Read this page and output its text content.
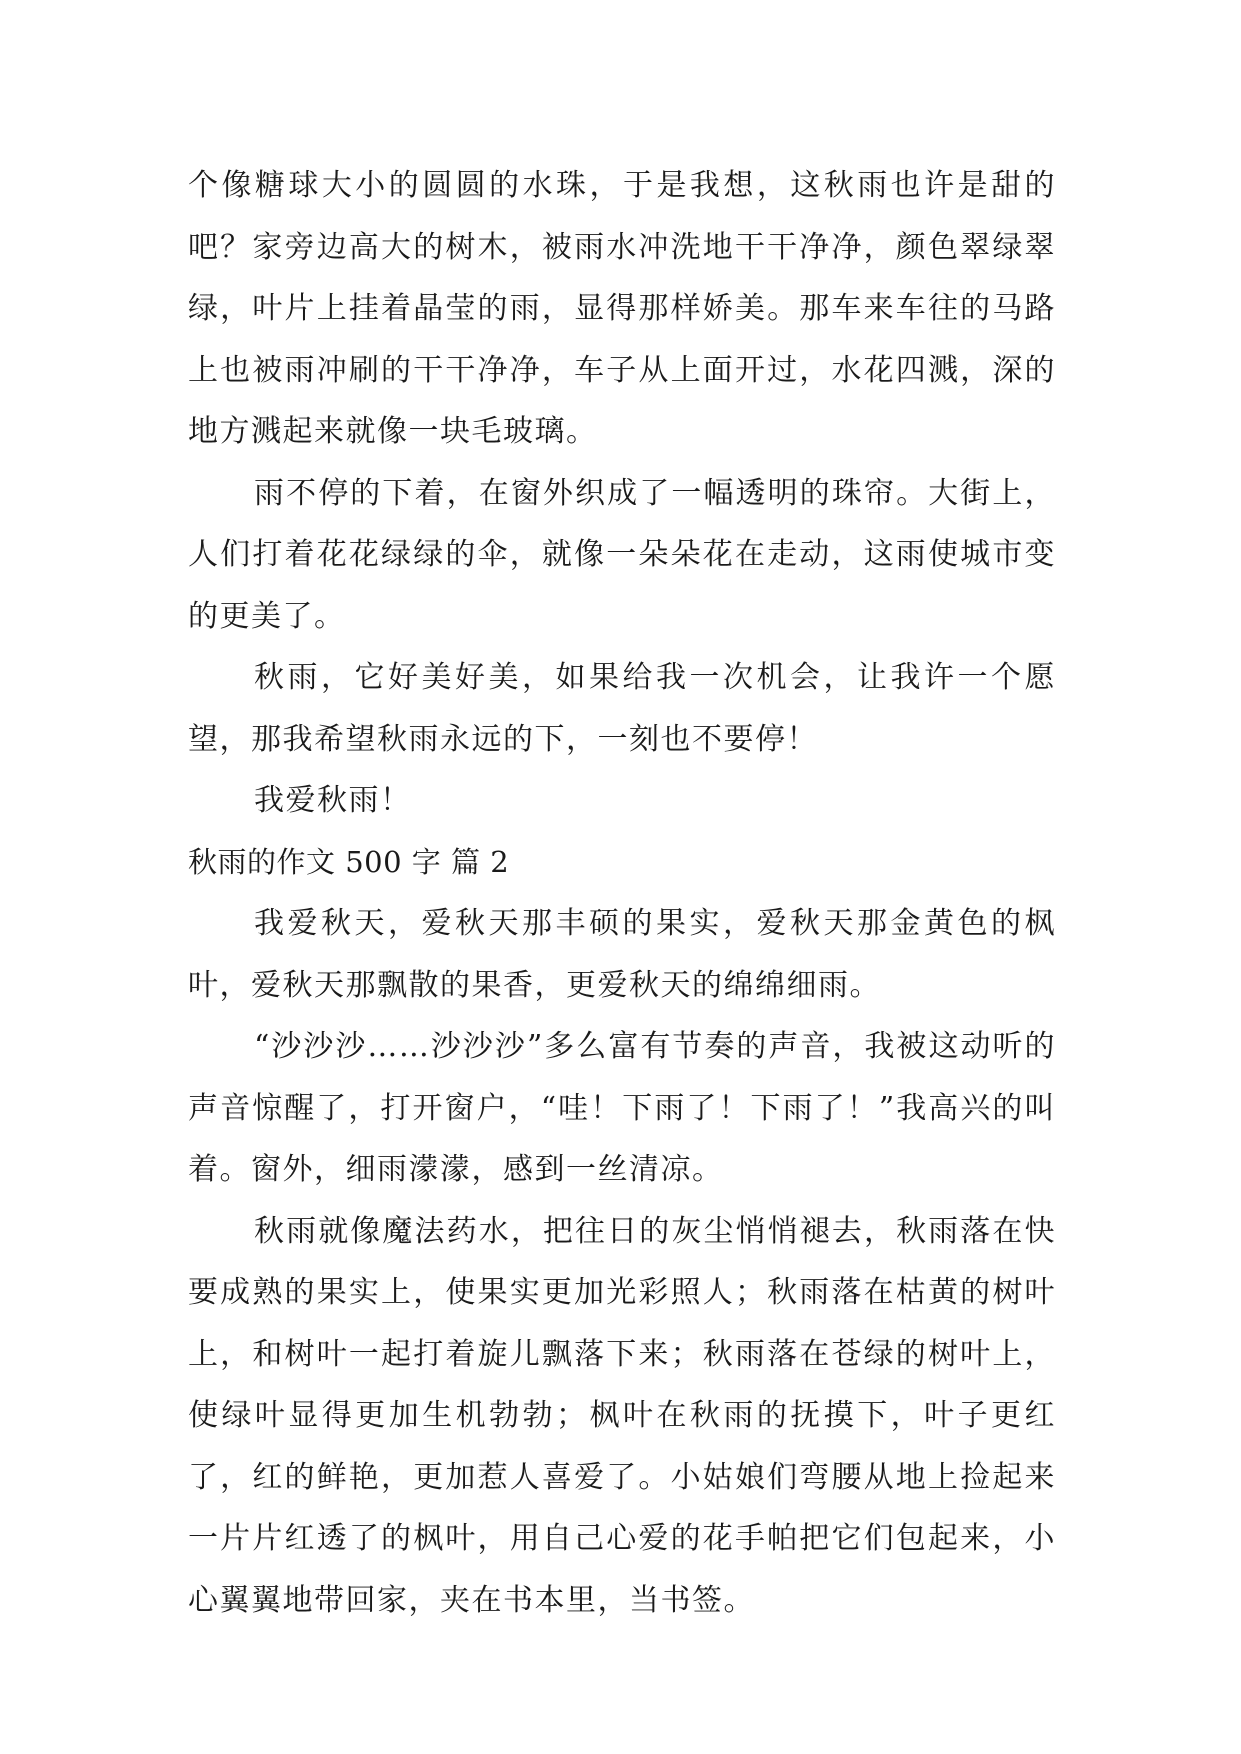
个像糖球大小的圆圆的水珠，于是我想，这秋雨也许是甜的吧？家旁边高大的树木，被雨水冲洗地干干净净，颜色翠绿翠绿，叶片上挂着晶莹的雨，显得那样娇美。那车来车往的马路上也被雨冲刷的干干净净，车子从上面开过，水花四溅，深的地方溅起来就像一块毛玻璃。

雨不停的下着，在窗外织成了一幅透明的珠帘。大街上，人们打着花花绿绿的伞，就像一朵朵花在走动，这雨使城市变的更美了。

秋雨，它好美好美，如果给我一次机会，让我许一个愿望，那我希望秋雨永远的下，一刻也不要停！

我爱秋雨！

秋雨的作文 500 字 篇 2

我爱秋天，爱秋天那丰硕的果实，爱秋天那金黄色的枫叶，爱秋天那飘散的果香，更爱秋天的绵绵细雨。

“沙沙沙……沙沙沙”多么富有节奏的声音，我被这动听的声音惊醒了，打开窗户，“哇！下雨了！下雨了！”我高兴的叫着。窗外，细雨濛濛，感到一丝清凉。

秋雨就像魔法药水，把往日的灰尘悄悄褪去，秋雨落在快要成熟的果实上，使果实更加光彩照人；秋雨落在枯黄的树叶上，和树叶一起打着旋儿飘落下来；秋雨落在苍绿的树叶上，使绿叶显得更加生机勃勃；枫叶在秋雨的抚摸下，叶子更红了，红的鲜艳，更加惹人喜爱了。小姑娘们弯腰从地上捡起来一片片红透了的枫叶，用自己心爱的花手帕把它们包起来，小心翼翼地带回家，夹在书本里，当书签。
